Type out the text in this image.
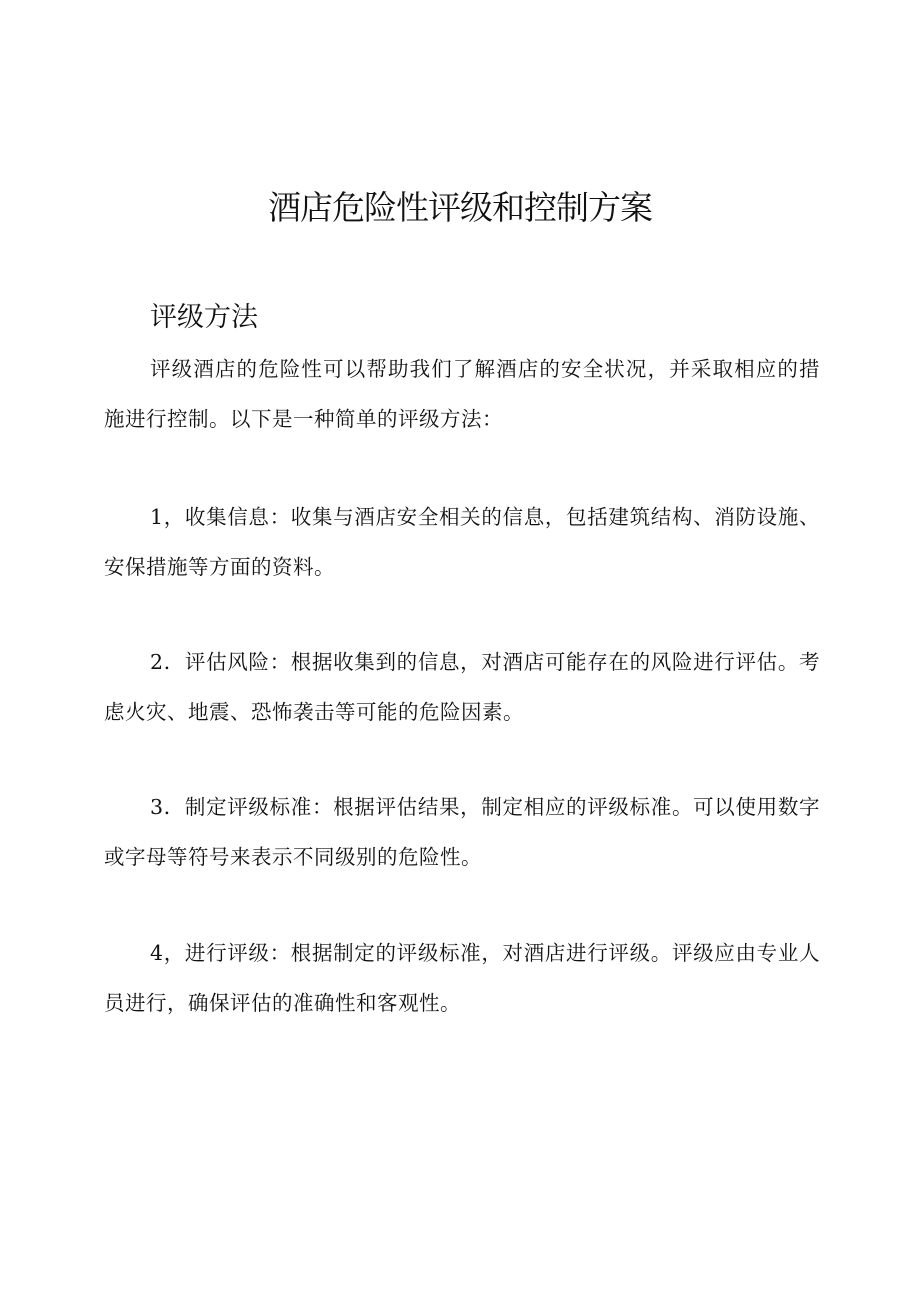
酒店危险性评级和控制方案
评级方法

评级酒店的危险性可以帮助我们了解酒店的安全状况，并采取相应的措施进行控制。以下是一种简单的评级方法：

1，收集信息：收集与酒店安全相关的信息，包括建筑结构、消防设施、安保措施等方面的资料。

2．评估风险：根据收集到的信息，对酒店可能存在的风险进行评估。考虑火灾、地震、恐怖袭击等可能的危险因素。

3．制定评级标准：根据评估结果，制定相应的评级标准。可以使用数字或字母等符号来表示不同级别的危险性。

4，进行评级：根据制定的评级标准，对酒店进行评级。评级应由专业人员进行，确保评估的准确性和客观性。
